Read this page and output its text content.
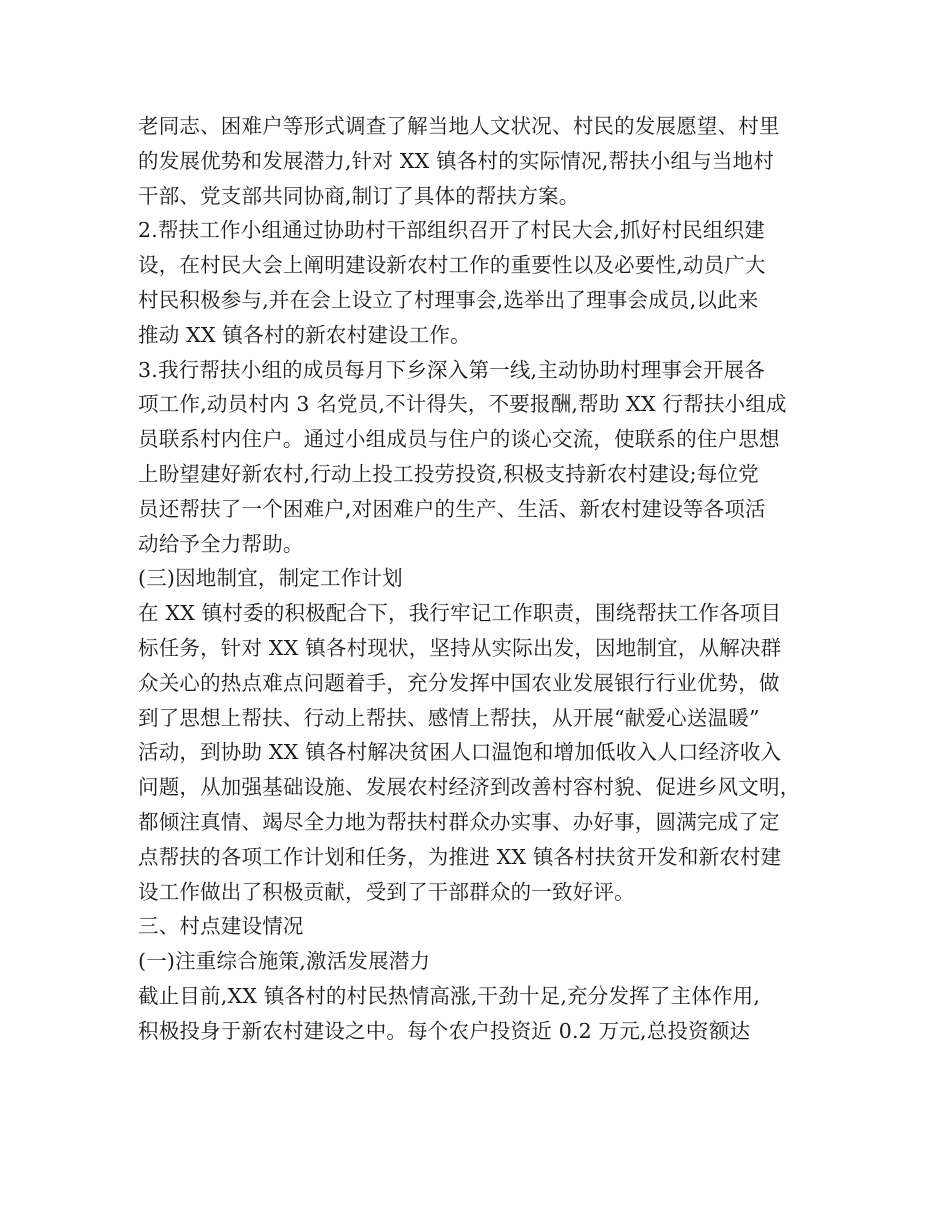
老同志、困难户等形式调查了解当地人文状况、村民的发展愿望、村里
的发展优势和发展潜力,针对 XX 镇各村的实际情况,帮扶小组与当地村
干部、党支部共同协商,制订了具体的帮扶方案。
2.帮扶工作小组通过协助村干部组织召开了村民大会,抓好村民组织建
设，在村民大会上阐明建设新农村工作的重要性以及必要性,动员广大
村民积极参与,并在会上设立了村理事会,选举出了理事会成员,以此来
推动 XX 镇各村的新农村建设工作。
3.我行帮扶小组的成员每月下乡深入第一线,主动协助村理事会开展各
项工作,动员村内 3 名党员,不计得失，不要报酬,帮助 XX 行帮扶小组成
员联系村内住户。通过小组成员与住户的谈心交流，使联系的住户思想
上盼望建好新农村,行动上投工投劳投资,积极支持新农村建设;每位党
员还帮扶了一个困难户,对困难户的生产、生活、新农村建设等各项活
动给予全力帮助。
(三)因地制宜，制定工作计划
在 XX 镇村委的积极配合下，我行牢记工作职责，围绕帮扶工作各项目
标任务，针对 XX 镇各村现状，坚持从实际出发，因地制宜，从解决群
众关心的热点难点问题着手，充分发挥中国农业发展银行行业优势，做
到了思想上帮扶、行动上帮扶、感情上帮扶，从开展“献爱心送温暖”
活动，到协助 XX 镇各村解决贫困人口温饱和增加低收入人口经济收入
问题，从加强基础设施、发展农村经济到改善村容村貌、促进乡风文明，
都倾注真情、竭尽全力地为帮扶村群众办实事、办好事，圆满完成了定
点帮扶的各项工作计划和任务，为推进 XX 镇各村扶贫开发和新农村建
设工作做出了积极贡献，受到了干部群众的一致好评。
三、村点建设情况
(一)注重综合施策,激活发展潜力
截止目前,XX 镇各村的村民热情高涨,干劲十足,充分发挥了主体作用,
积极投身于新农村建设之中。每个农户投资近 0.2 万元,总投资额达
